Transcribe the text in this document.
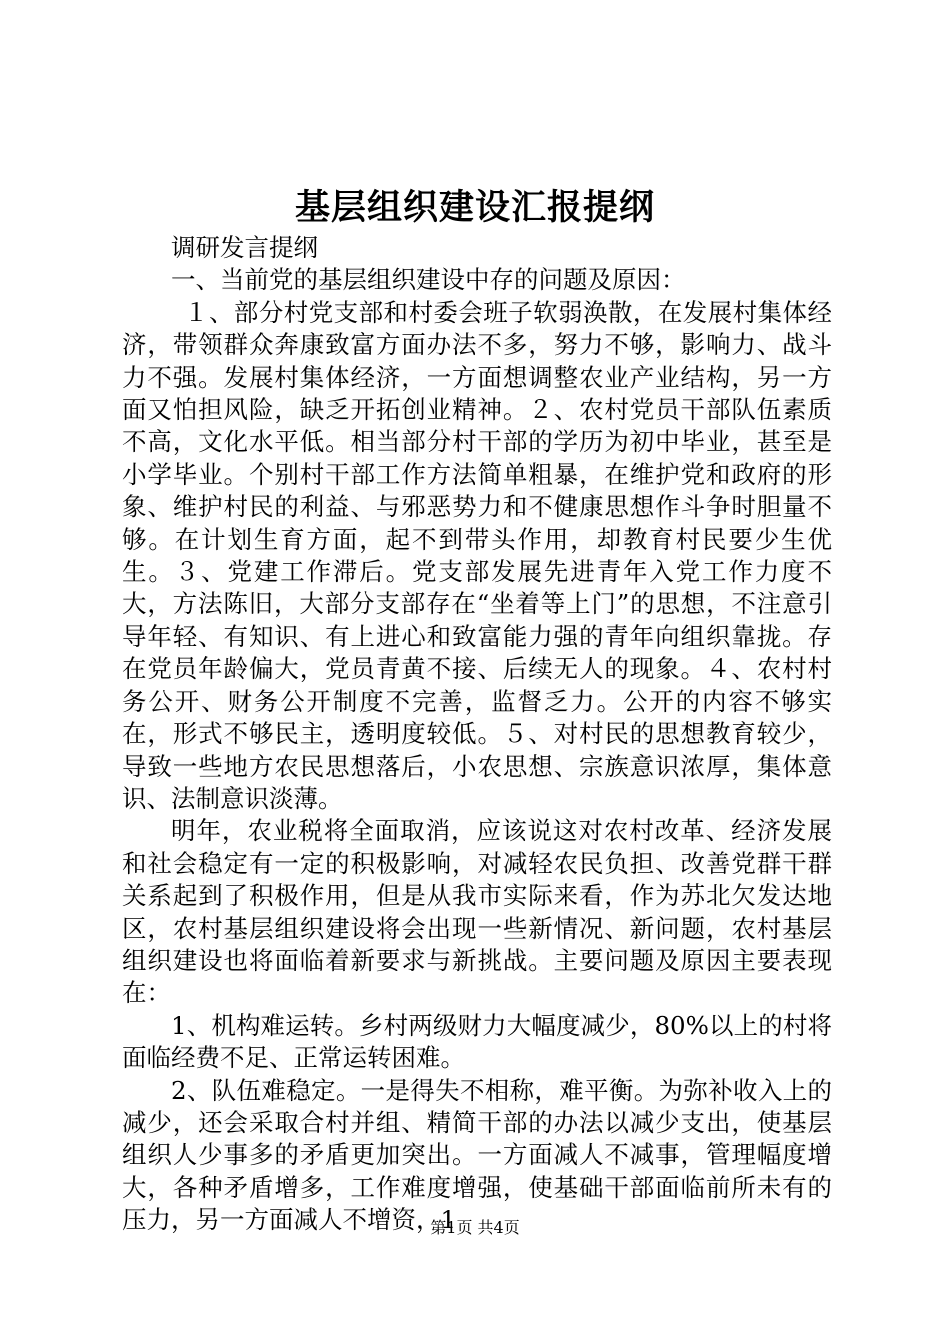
基层组织建设汇报提纲

调研发言提纲

一、当前党的基层组织建设中存的问题及原因：

１、部分村党支部和村委会班子软弱涣散，在发展村集体经济，带领群众奔康致富方面办法不多，努力不够，影响力、战斗力不强。发展村集体经济，一方面想调整农业产业结构，另一方面又怕担风险，缺乏开拓创业精神。２、农村党员干部队伍素质不高，文化水平低。相当部分村干部的学历为初中毕业，甚至是小学毕业。个别村干部工作方法简单粗暴，在维护党和政府的形象、维护村民的利益、与邪恶势力和不健康思想作斗争时胆量不够。在计划生育方面，起不到带头作用，却教育村民要少生优生。３、党建工作滞后。党支部发展先进青年入党工作力度不大，方法陈旧，大部分支部存在“坐着等上门”的思想，不注意引导年轻、有知识、有上进心和致富能力强的青年向组织靠拢。存在党员年龄偏大，党员青黄不接、后续无人的现象。４、农村村务公开、财务公开制度不完善，监督乏力。公开的内容不够实在，形式不够民主，透明度较低。５、对村民的思想教育较少，导致一些地方农民思想落后，小农思想、宗族意识浓厚，集体意识、法制意识淡薄。

明年，农业税将全面取消，应该说这对农村改革、经济发展和社会稳定有一定的积极影响，对减轻农民负担、改善党群干群关系起到了积极作用，但是从我市实际来看，作为苏北欠发达地区，农村基层组织建设将会出现一些新情况、新问题，农村基层组织建设也将面临着新要求与新挑战。主要问题及原因主要表现在：

1、机构难运转。乡村两级财力大幅度减少，80%以上的村将面临经费不足、正常运转困难。

2、队伍难稳定。一是得失不相称，难平衡。为弥补收入上的减少，还会采取合村并组、精简干部的办法以减少支出，使基层组织人少事多的矛盾更加突出。一方面减人不减事，管理幅度增大，各种矛盾增多，工作难度增强，使基础干部面临前所未有的压力，另一方面减人不增资，1

第1页 共4页
